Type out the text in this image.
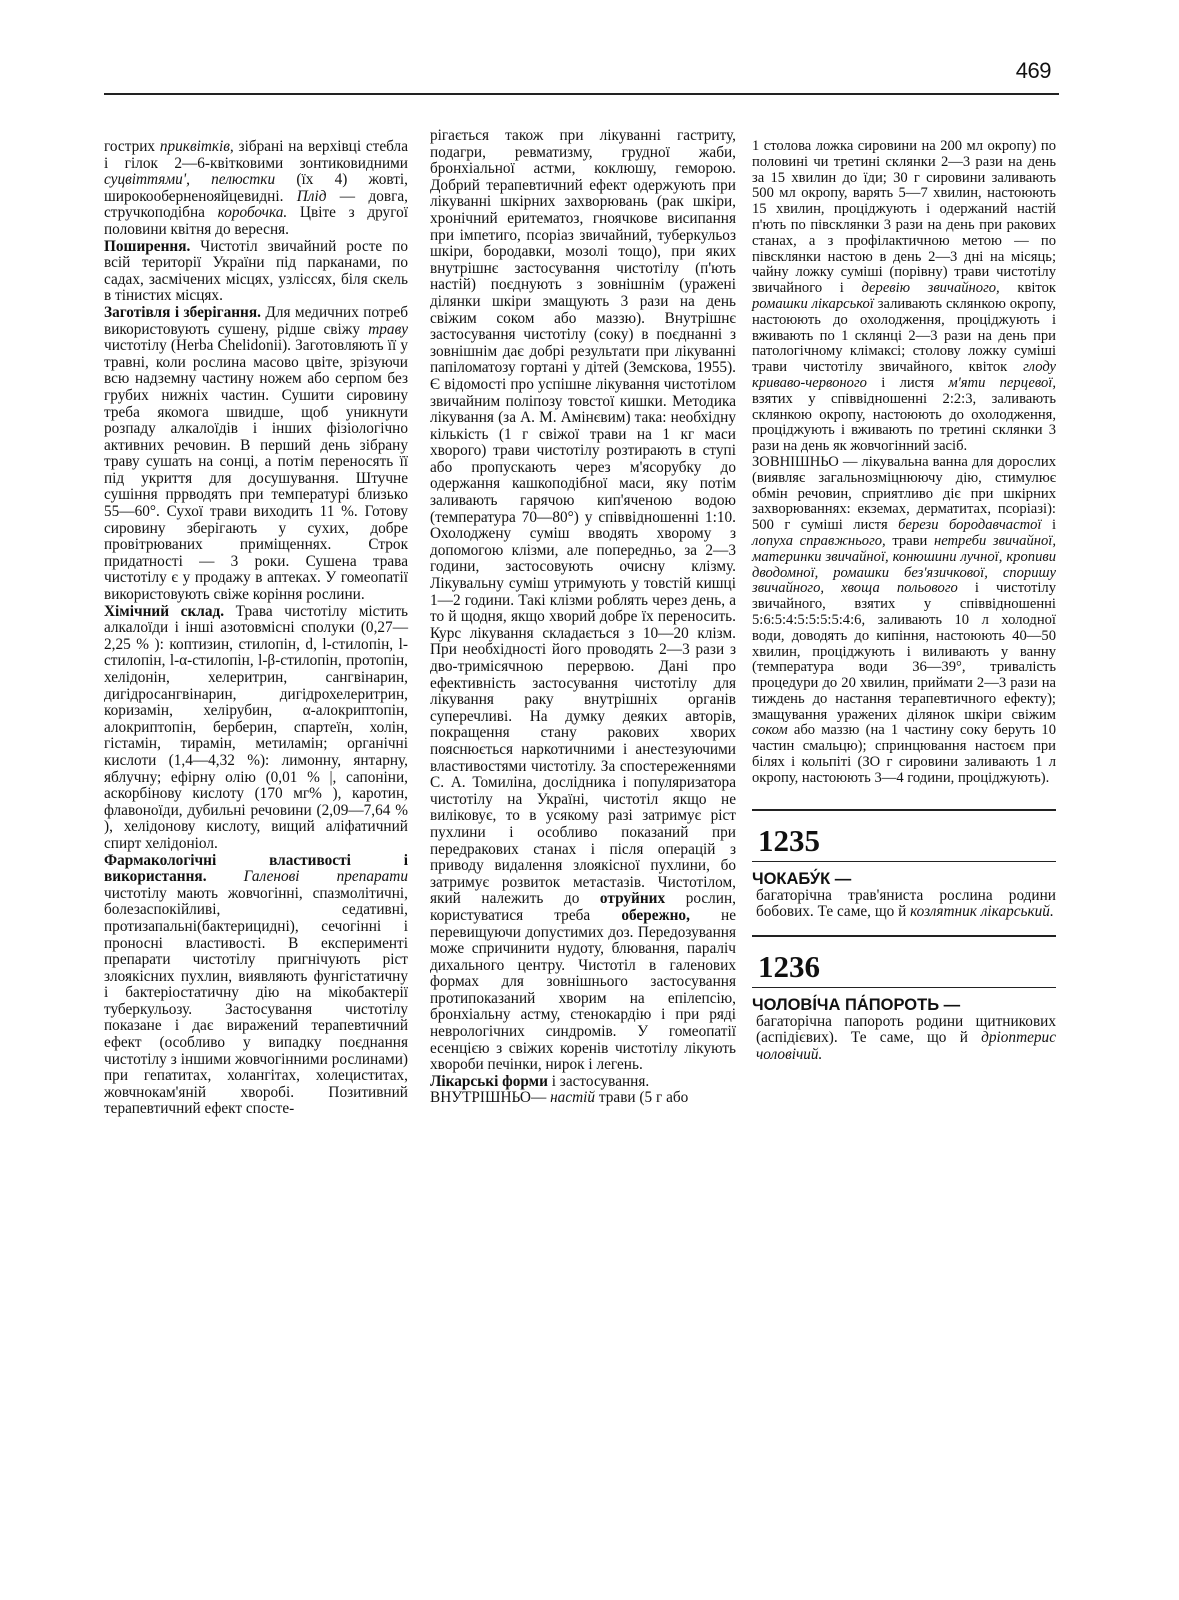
469

гострих приквітків, зібрані на верхівці стебла і гілок 2—6-квітковими зонтиковидними суцвіттями', пелюстки (їх 4) жовті, широкооберненояйцевидні. Плід — довга, стручкоподібна коробочка. Цвіте з другої половини квітня до вересня.

Поширення. Чистотіл звичайний росте по всій території України під парканами, по садах, засмічених місцях, узліссях, біля скель в тінистих місцях.

Заготівля і зберігання. Для медичних потреб використовують сушену, рідше свіжу траву чистотілу (Herba Chelidonii). Заготовляють її у травні, коли рослина масово цвіте, зрізуючи всю надземну частину ножем або серпом без грубих нижніх частин. Сушити сировину треба якомога швидше, щоб уникнути розпаду алкалоїдів і інших фізіологічно активних речовин. В перший день зібрану траву сушать на сонці, а потім переносять її під укриття для досушування. Штучне сушіння пррводять при температурі близько 55—60°. Сухої трави виходить 11 %. Готову сировину зберігають у сухих, добре провітрюваних приміщеннях. Строк придатності — 3 роки. Сушена трава чистотілу є у продажу в аптеках. У гомеопатії використовують свіже коріння рослини.

Хімічний склад. Трава чистотілу містить алкалоїди і інші азотовмісні сполуки (0,27—2,25 % ): коптизин, стилопін, d, l-стилопін, l-стилопін, l-α-стилопін, l-β-стилопін, протопін, хелідонін, хелеритрин, сангвінарин, дигідросангвінарин, дигідрохелеритрин, коризамін, хелірубин, α-алокриптопін, алокриптопін, берберин, спартеїн, холін, гістамін, тирамін, метиламін; органічні кислоти (1,4—4,32 %): лимонну, янтарну, яблучну; ефірну олію (0,01 % |, сапоніни, аскорбінову кислоту (170 мг% ), каротин, флавоноїди, дубильні речовини (2,09—7,64 % ), хелідонову кислоту, вищий аліфатичний спирт хелідоніол.

Фармакологічні властивості і використання. Галенові препарати чистотілу мають жовчогінні, спазмолітичні, болезаспокійливі, седативні, протизапальні(бактерицидні), сечогінні і проносні властивості. В експерименті препарати чистотілу пригнічують ріст злоякісних пухлин, виявляють фунгістатичну і бактеріостатичну дію на мікобактерії туберкульозу. Застосування чистотілу показане і дає виражений терапевтичний ефект (особливо у випадку поєднання чистотілу з іншими жовчогінними рослинами) при гепатитах, холангітах, холециститах, жовчнокам'яній хворобі. Позитивний терапевтичний ефект спосте-

рігається також при лікуванні гастриту, подагри, ревматизму, грудної жаби, бронхіальної астми, коклюшу, геморою. Добрий терапевтичний ефект одержують при лікуванні шкірних захворювань (рак шкіри, хронічний еритематоз, гноячкове висипання при імпетиго, псоріаз звичайний, туберкульоз шкіри, бородавки, мозолі тощо), при яких внутрішнє застосування чистотілу (п'ють настій) поєднують з зовнішнім (уражені ділянки шкіри змащують 3 рази на день свіжим соком або маззю). Внутрішнє застосування чистотілу (соку) в поєднанні з зовнішнім дає добрі результати при лікуванні папіломатозу гортані у дітей (Земскова, 1955). Є відомості про успішне лікування чистотілом звичайним поліпозу товстої кишки. Методика лікування (за А. М. Амінєвим) така: необхідну кількість (1 г свіжої трави на 1 кг маси хворого) трави чистотілу розтирають в ступі або пропускають через м'ясорубку до одержання кашкоподібної маси, яку потім заливають гарячою кип'яченою водою (температура 70—80°) у співвідношенні 1:10. Охолоджену суміш вводять хворому з допомогою клізми, але попередньо, за 2—3 години, застосовують очисну клізму. Лікувальну суміш утримують у товстій кишці 1—2 години. Такі клізми роблять через день, а то й щодня, якщо хворий добре їх переносить. Курс лікування складається з 10—20 клізм. При необхідності його проводять 2—3 рази з дво-тримісячною перервою. Дані про ефективність застосування чистотілу для лікування раку внутрішніх органів суперечливі. На думку деяких авторів, покращення стану ракових хворих пояснюється наркотичними і анестезуючими властивостями чистотілу. За спостереженнями С. А. Томиліна, дослідника і популяризатора чистотілу на Україні, чистотіл якщо не виліковує, то в усякому разі затримує ріст пухлини і особливо показаний при передракових станах і після операцій з приводу видалення злоякісної пухлини, бо затримує розвиток метастазів. Чистотілом, який належить до отруйних рослин, користуватися треба обережно, не перевищуючи допустимих доз. Передозування може спричинити нудоту, блювання, параліч дихального центру. Чистотіл в галенових формах для зовнішнього застосування протипоказаний хворим на епілепсію, бронхіальну астму, стенокардію і при ряді неврологічних синдромів. У гомеопатії есенцією з свіжих коренів чистотілу лікують хвороби печінки, нирок і легень.

Лікарські форми і застосування.

ВНУТРІШНЬО— настій трави (5 г або

1 столова ложка сировини на 200 мл окропу) по половині чи третині склянки 2—3 рази на день за 15 хвилин до їди; 30 г сировини заливають 500 мл окропу, варять 5—7 хвилин, настоюють 15 хвилин, проціджують і одержаний настій п'ють по півсклянки 3 рази на день при ракових станах, а з профілактичною метою — по півсклянки настою в день 2—3 дні на місяць; чайну ложку суміші (порівну) трави чистотілу звичайного і деревію звичайного, квіток ромашки лікарської заливають склянкою окропу, настоюють до охолодження, проціджують і вживають по 1 склянці 2—3 рази на день при патологічному клімаксі; столову ложку суміші трави чистотілу звичайного, квіток глоду криваво-червоного і листя м'яти перцевої, взятих у співвідношенні 2:2:3, заливають склянкою окропу, настоюють до охолодження, проціджують і вживають по третині склянки 3 рази на день як жовчогінний засіб.

ЗОВНІШНЬО — лікувальна ванна для дорослих (виявляє загальнозміцнюючу дію, стимулює обмін речовин, сприятливо діє при шкірних захворюваннях: екземах, дерматитах, псоріазі): 500 г суміші листя берези бородавчастої і лопуха справжнього, трави нетреби звичайної, материнки звичайної, конюшини лучної, кропиви дводомної, ромашки без'язичкової, споришу звичайного, хвоща польового і чистотілу звичайного, взятих у співвідношенні 5:6:5:4:5:5:5:5:4:6, заливають 10 л холодної води, доводять до кипіння, настоюють 40—50 хвилин, проціджують і виливають у ванну (температура води 36—39°, тривалість процедури до 20 хвилин, приймати 2—3 рази на тиждень до настання терапевтичного ефекту); змащування уражених ділянок шкіри свіжим соком або маззю (на 1 частину соку беруть 10 частин смальцю); спринцювання настоєм при білях і кольпіті (ЗО г сировини заливають 1 л окропу, настоюють 3—4 години, проціджують).

1235
ЧОКАБУ́К —

багаторічна трав'яниста рослина родини бобових. Те саме, що й козлятник лікарський.

1236
ЧОЛОВІ́ЧА ПА́ПОРОТЬ —

багаторічна папороть родини щитникових (аспідієвих). Те саме, що й дріоптерис чоловічий.
